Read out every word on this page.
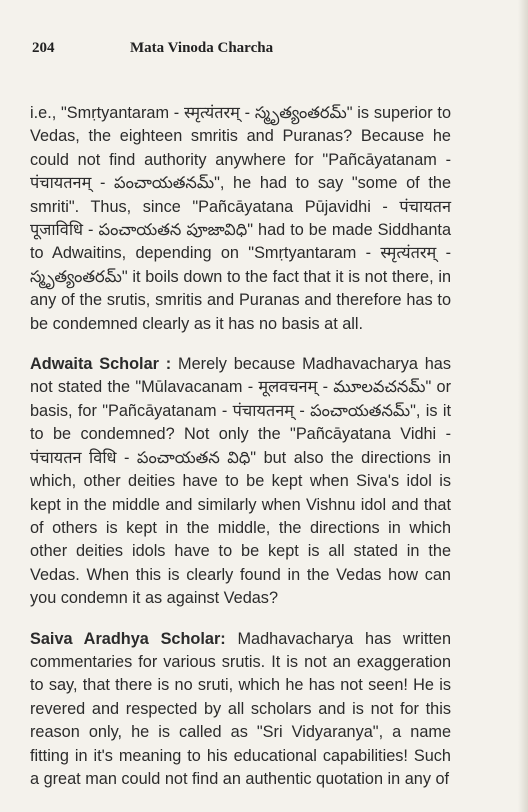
204	Mata Vinoda Charcha

i.e., "Smṛtyantaram - स्मृत्यंतरम् - స్మృత్యంతరమ్" is superior to Vedas, the eighteen smritis and Puranas? Because he could not find authority anywhere for "Pañcāyatanam - पंचायतनम् - పంచాయతనమ్", he had to say "some of the smriti". Thus, since "Pañcāyatana Pūjavidhi - पंचायतन पूजाविधि - పంచాయతన పూజావిధి" had to be made Siddhanta to Adwaitins, depending on "Smṛtyantaram - स्मृत्यंतरम् - స్మృత్యంతరమ్" it boils down to the fact that it is not there, in any of the srutis, smritis and Puranas and therefore has to be condemned clearly as it has no basis at all.

Adwaita Scholar : Merely because Madhavacharya has not stated the "Mūlavacanam - मूलवचनम् - మూలవచనమ్" or basis, for "Pañcāyatanam - पंचायतनम् - పంచాయతనమ్", is it to be condemned? Not only the "Pañcāyatana Vidhi - पंचायतन विधि - పంచాయతన విధి" but also the directions in which, other deities have to be kept when Siva's idol is kept in the middle and similarly when Vishnu idol and that of others is kept in the middle, the directions in which other deities idols have to be kept is all stated in the Vedas. When this is clearly found in the Vedas how can you condemn it as against Vedas?

Saiva Aradhya Scholar: Madhavacharya has written commentaries for various srutis. It is not an exaggeration to say, that there is no sruti, which he has not seen! He is revered and respected by all scholars and is not for this reason only, he is called as "Sri Vidyaranya", a name fitting in it's meaning to his educational capabilities! Such a great man could not find an authentic quotation in any of
